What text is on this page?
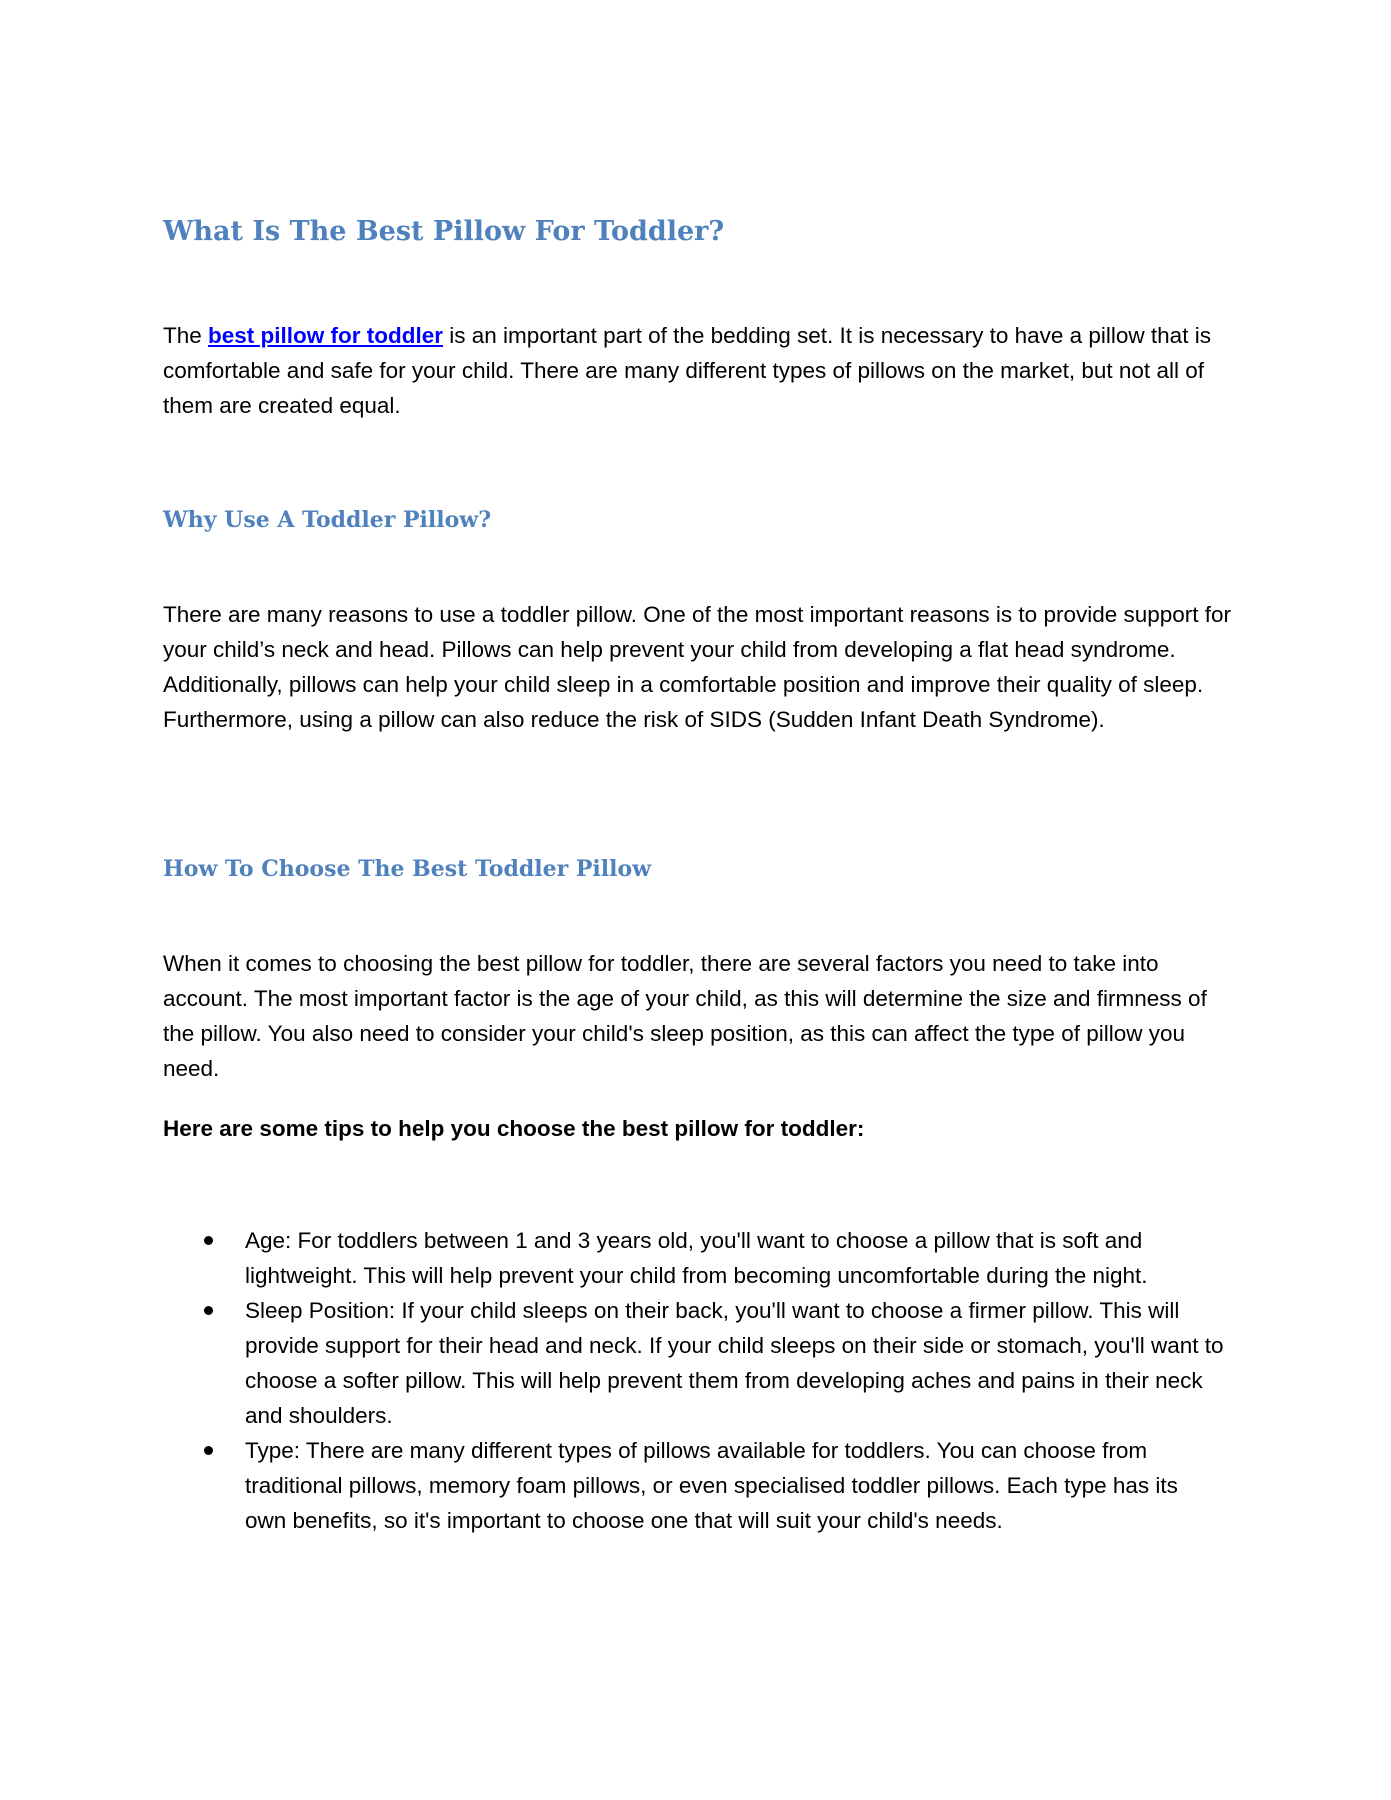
What Is The Best Pillow For Toddler?

The best pillow for toddler is an important part of the bedding set. It is necessary to have a pillow that is comfortable and safe for your child. There are many different types of pillows on the market, but not all of them are created equal.

Why Use A Toddler Pillow?

There are many reasons to use a toddler pillow. One of the most important reasons is to provide support for your child’s neck and head. Pillows can help prevent your child from developing a flat head syndrome. Additionally, pillows can help your child sleep in a comfortable position and improve their quality of sleep. Furthermore, using a pillow can also reduce the risk of SIDS (Sudden Infant Death Syndrome).

How To Choose The Best Toddler Pillow

When it comes to choosing the best pillow for toddler, there are several factors you need to take into account. The most important factor is the age of your child, as this will determine the size and firmness of the pillow. You also need to consider your child's sleep position, as this can affect the type of pillow you need.

Here are some tips to help you choose the best pillow for toddler:

Age: For toddlers between 1 and 3 years old, you'll want to choose a pillow that is soft and lightweight. This will help prevent your child from becoming uncomfortable during the night.
Sleep Position: If your child sleeps on their back, you'll want to choose a firmer pillow. This will provide support for their head and neck. If your child sleeps on their side or stomach, you'll want to choose a softer pillow. This will help prevent them from developing aches and pains in their neck and shoulders.
Type: There are many different types of pillows available for toddlers. You can choose from traditional pillows, memory foam pillows, or even specialised toddler pillows. Each type has its own benefits, so it's important to choose one that will suit your child's needs.
